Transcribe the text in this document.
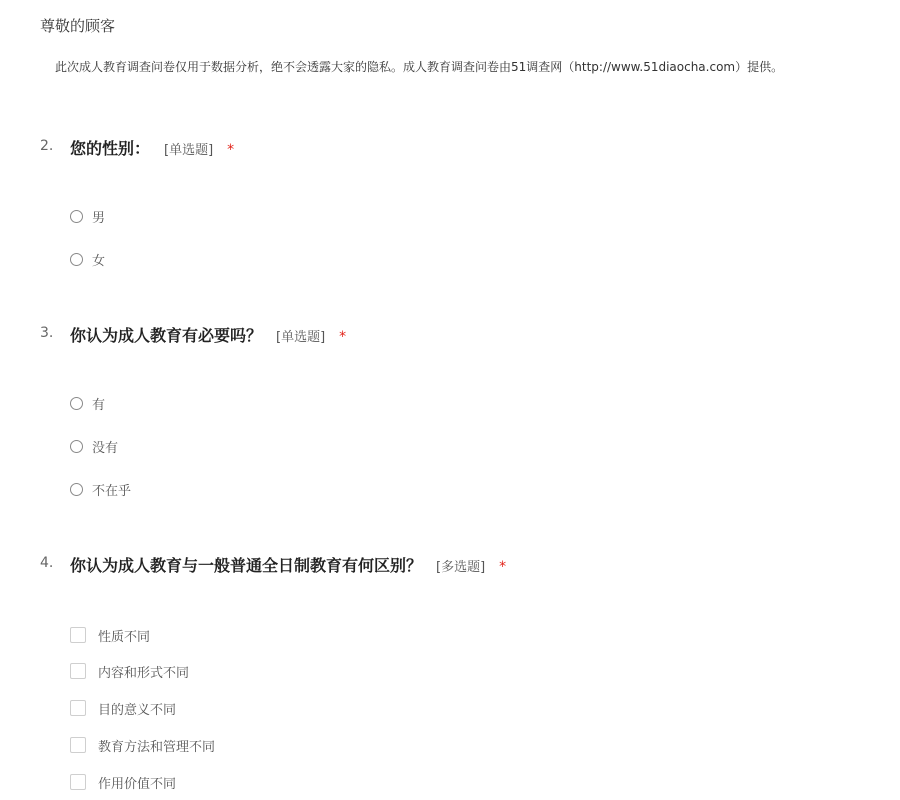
尊敬的顾客
此次成人教育调查问卷仅用于数据分析，绝不会透露大家的隐私。成人教育调查问卷由51调查网（http://www.51diaocha.com）提供。
2. 您的性别： [单选题] *
男
女
3. 你认为成人教育有必要吗？ [单选题] *
有
没有
不在乎
4. 你认为成人教育与一般普通全日制教育有何区别？ [多选题] *
性质不同
内容和形式不同
目的意义不同
教育方法和管理不同
作用价值不同
